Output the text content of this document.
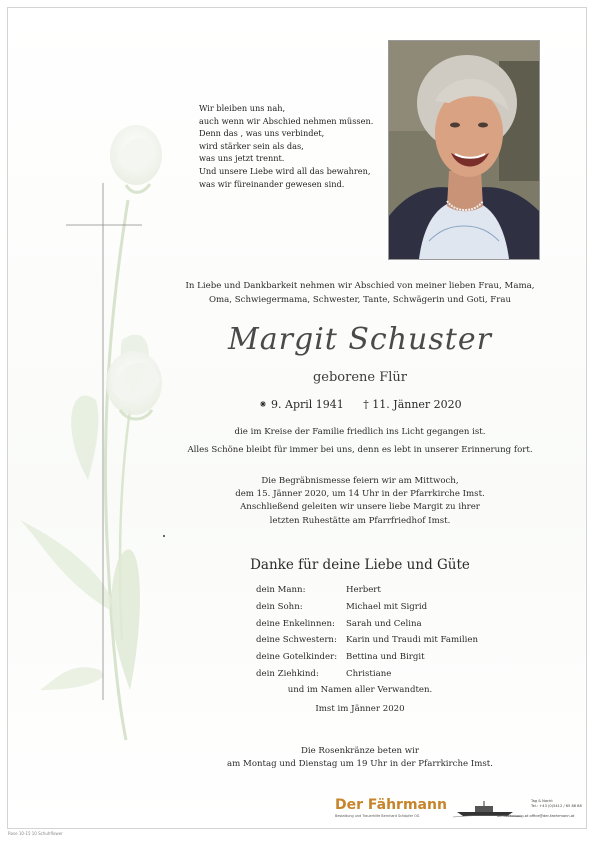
Wir bleiben uns nah,
auch wenn wir Abschied nehmen müssen.
Denn das , was uns verbindet,
wird stärker sein als das,
was uns jetzt trennt.
Und unsere Liebe wird all das bewahren,
was wir füreinander gewesen sind.
In Liebe und Dankbarkeit nehmen wir Abschied von meiner lieben Frau, Mama,
Oma, Schwiegermama, Schwester, Tante, Schwägerin und Goti, Frau
Margit Schuster
geborene Flür
⁕ 9. April 1941 † 11. Jänner 2020
die im Kreise der Familie friedlich ins Licht gegangen ist.
Alles Schöne bleibt für immer bei uns, denn es lebt in unserer Erinnerung fort.
Die Begräbnismesse feiern wir am Mittwoch,
dem 15. Jänner 2020, um 14 Uhr in der Pfarrkirche Imst.
Anschließend geleiten wir unsere liebe Margit zu ihrer
letzten Ruhestätte am Pfarrfriedhof Imst.
Danke für deine Liebe und Güte
dein Mann:	Herbert
dein Sohn:	Michael mit Sigrid
deine Enkelinnen:	Sarah und Celina
deine Schwestern:	Karin und Traudi mit Familien
deine Gotelkinder:	Bettina und Birgit
dein Ziehkind:	Christiane
und im Namen aller Verwandten.
Imst im Jänner 2020
Die Rosenkränze beten wir
am Montag und Dienstag um 19 Uhr in der Pfarrkirche Imst.
Der Fährmann
Bestattung und Trauerhilfe Bernhard Schöpfer OG
Tag & Nacht
Tel.: +43 (0)5412 / 65 88 88
der-faehrmann.at office@der-faehrmann.at
Rose 10-15 10 Schuhflower
